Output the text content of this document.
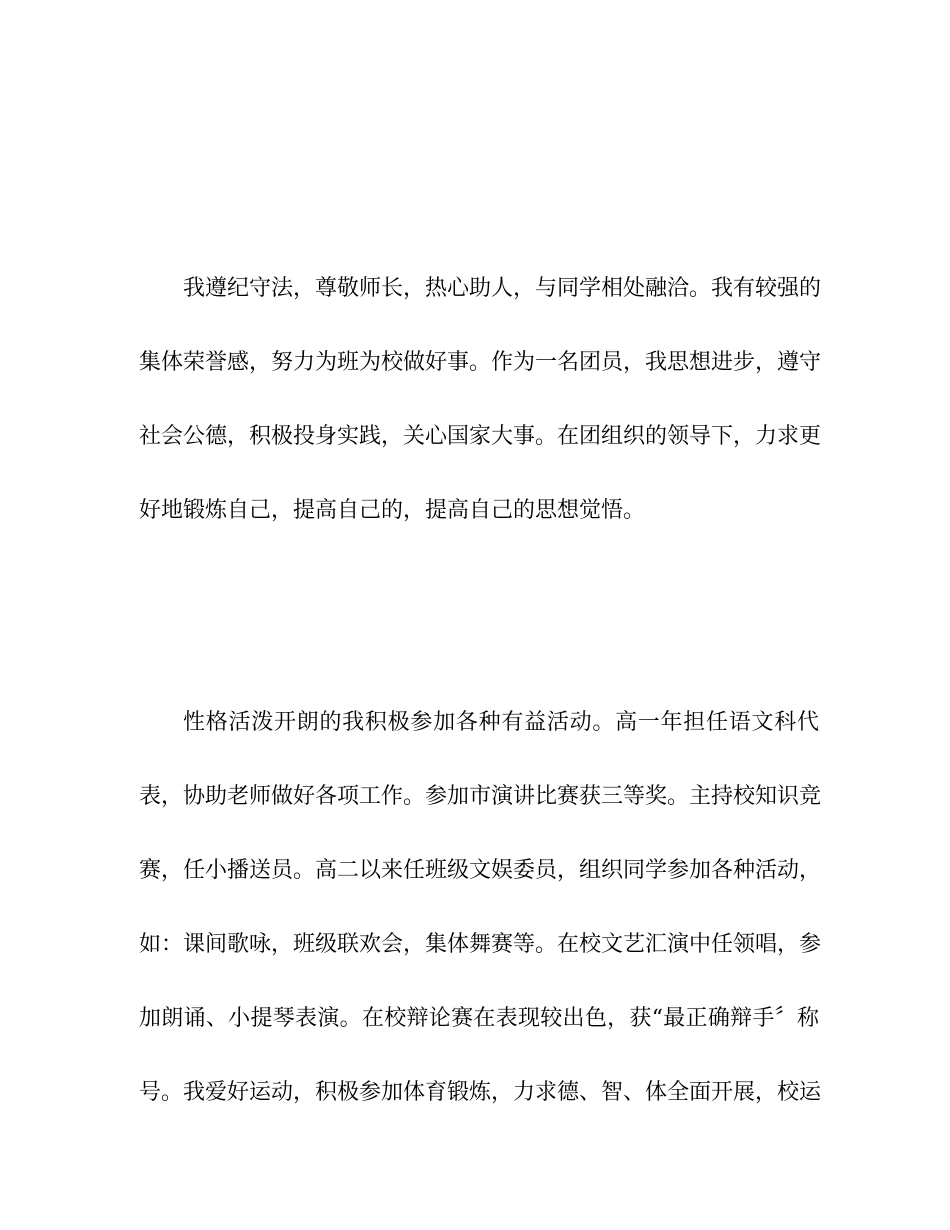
我遵纪守法，尊敬师长，热心助人，与同学相处融洽。我有较强的
集体荣誉感，努力为班为校做好事。作为一名团员，我思想进步，遵守
社会公德，积极投身实践，关心国家大事。在团组织的领导下，力求更
好地锻炼自己，提高自己的，提高自己的思想觉悟。
性格活泼开朗的我积极参加各种有益活动。高一年担任语文科代
表，协助老师做好各项工作。参加市演讲比赛获三等奖。主持校知识竞
赛，任小播送员。高二以来任班级文娱委员，组织同学参加各种活动，
如：课间歌咏，班级联欢会，集体舞赛等。在校文艺汇演中任领唱，参
加朗诵、小提琴表演。在校辩论赛在表现较出色，获“最正确辩手〞称
号。我爱好运动，积极参加体育锻炼，力求德、智、体全面开展，校运
